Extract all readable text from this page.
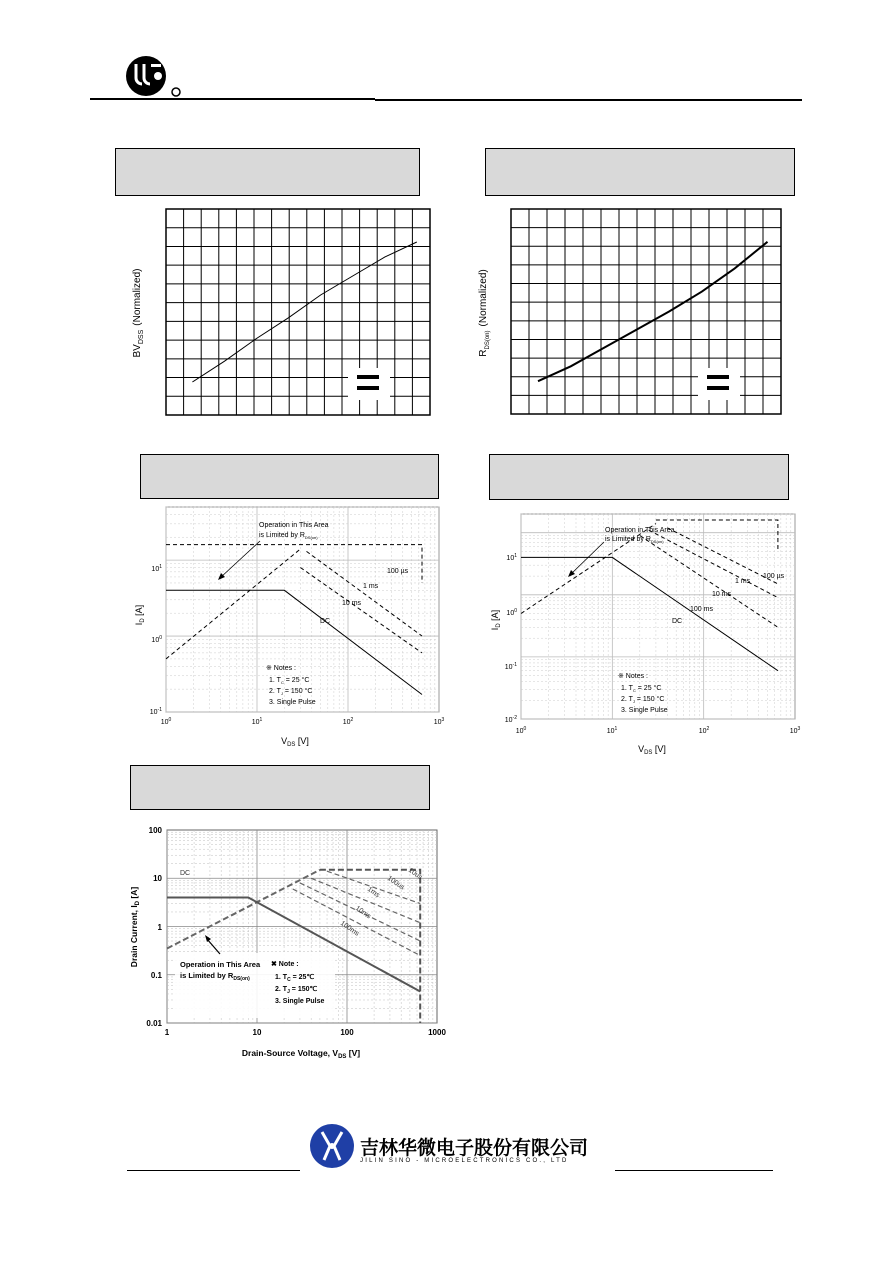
$BV_{DSS}(Normalized)$
$R_{DS(on)}(Normalized)$
$10^0$	$10^1$	$10^2$	$10^3$
$10^1$
$10^0$
$10^{-1}$
$I_D$ [A]
$V_{DS}$ [V]
Operation in This Area
is Limited by $R_{DS(on)}$
100 µs
1 ms
10 ms
DC
※ Notes :
1. $T_C = 25$ °C
2. $T_J = 150$ °C
3. Single Pulse
$10^0$	$10^1$	$10^2$	$10^3$
$10^1$
$10^0$
$10^{-1}$
$10^{-2}$
$I_D$ [A]
$V_{DS}$ [V]
Operation in This Area
is Limited by $R_{DS(on)}$
100 µs
1 ms
10 ms
100 ms
DC
※ Notes :
1. $T_C = 25$ °C
2. $T_J = 150$ °C
3. Single Pulse
1	10	100	1000
100
10
1
0.1
0.01
Drain Current, $I_D$ [A]
Drain-Source Voltage, $V_{DS}$ [V]
DC	10us
100us
1ms
10ms
100ms
Operation in This Area
is Limited by $R_{DS(on)}$
✖ Note :
1. $T_C$ = 25℃
2. $T_J$ = 150℃
3. Single Pulse
吉林华微电子股份有限公司
JILIN SINO - MICROELECTRONICS CO., LTD
